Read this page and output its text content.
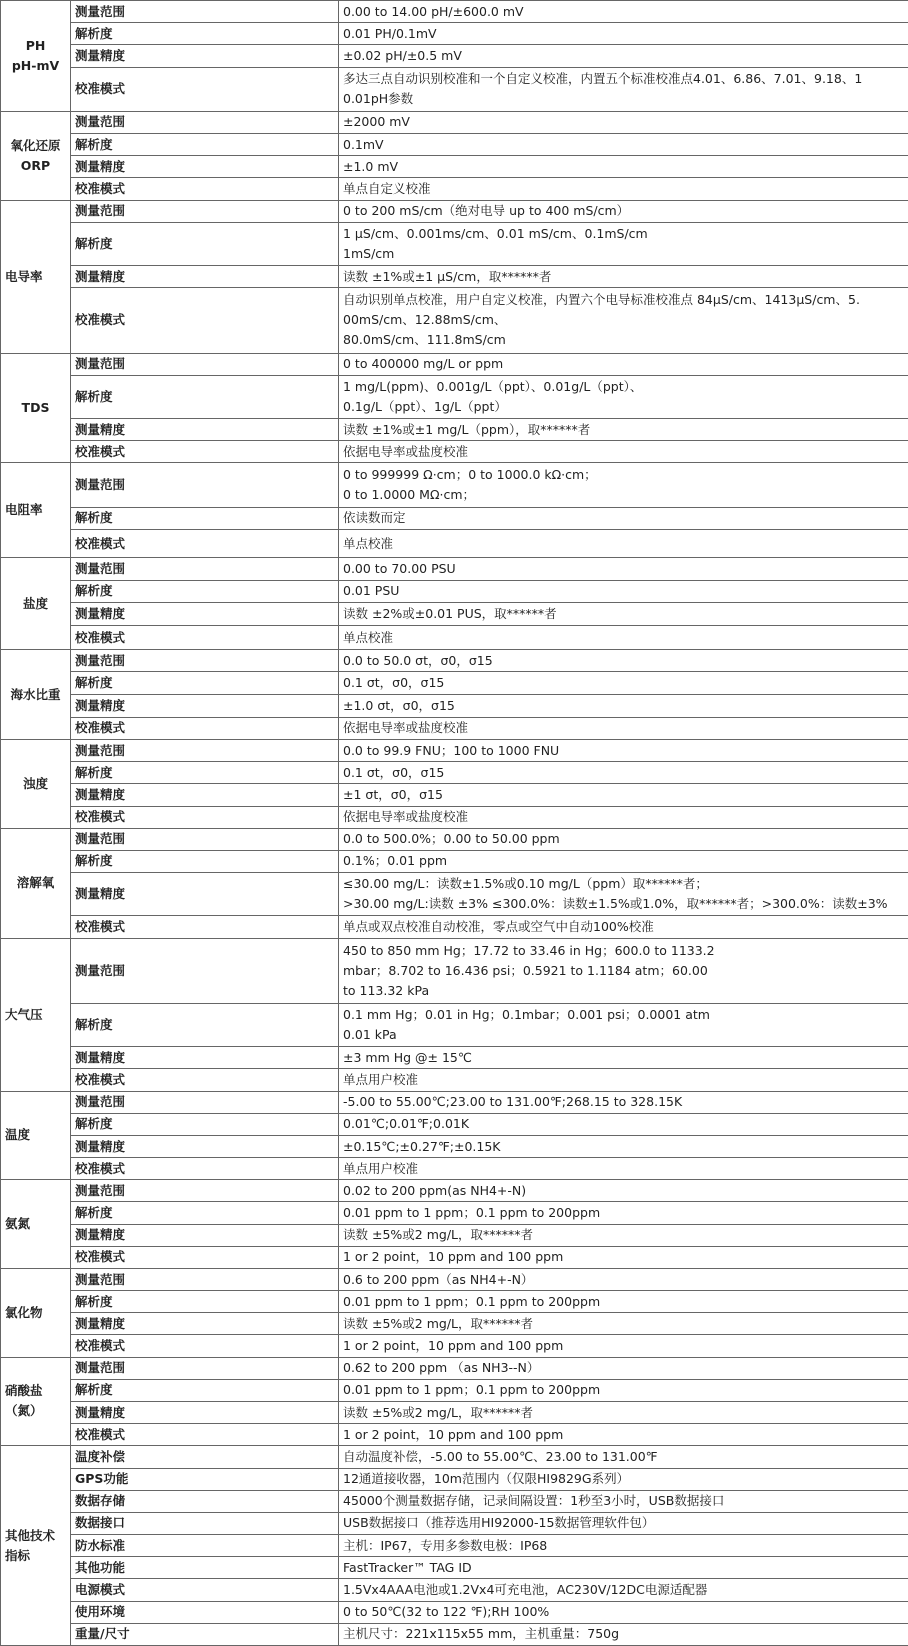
PH
pH-mV	测量范围	0.00 to 14.00 pH/±600.0 mV

	解析度	0.01 PH/0.1mV

	测量精度	±0.02 pH/±0.5 mV

	校准模式	多达三点自动识别校准和一个自定义校准，内置五个标准校准点4.01、6.86、7.01、9.18、1
0.01pH参数

氧化还原
ORP	测量范围	±2000 mV

	解析度	0.1mV

	测量精度	±1.0 mV

	校准模式	单点自定义校准

电导率	测量范围	0 to 200 mS/cm（绝对电导 up to 400 mS/cm）

	解析度	1 μS/cm、0.001ms/cm、0.01 mS/cm、0.1mS/cm
1mS/cm

	测量精度	读数 ±1%或±1 μS/cm，取******者

	校准模式	自动识别单点校准，用户自定义校准，内置六个电导标准校准点 84μS/cm、1413μS/cm、5.
00mS/cm、12.88mS/cm、
80.0mS/cm、111.8mS/cm

TDS	测量范围	0 to 400000 mg/L or ppm

	解析度	1 mg/L(ppm)、0.001g/L（ppt）、0.01g/L（ppt）、
0.1g/L（ppt）、1g/L（ppt）

	测量精度	读数 ±1%或±1 mg/L（ppm），取******者

	校准模式	依据电导率或盐度校准

电阻率	测量范围	0 to 999999 Ω·cm；0 to 1000.0 kΩ·cm；
0 to 1.0000 MΩ·cm；

	解析度	依读数而定

	校准模式	单点校准

盐度	测量范围	0.00 to 70.00 PSU

	解析度	0.01 PSU

	测量精度	读数 ±2%或±0.01 PUS，取******者

	校准模式	单点校准

海水比重	测量范围	0.0 to 50.0 σt，σ0，σ15

	解析度	0.1 σt，σ0，σ15

	测量精度	±1.0 σt，σ0，σ15

	校准模式	依据电导率或盐度校准

浊度	测量范围	0.0 to 99.9 FNU；100 to 1000 FNU

	解析度	0.1 σt，σ0，σ15

	测量精度	±1 σt，σ0，σ15

	校准模式	依据电导率或盐度校准

溶解氧	测量范围	0.0 to 500.0%；0.00 to 50.00 ppm

	解析度	0.1%；0.01 ppm

	测量精度	≤30.00 mg/L：读数±1.5%或0.10 mg/L（ppm）取******者；
>30.00 mg/L:读数 ±3% ≤300.0%：读数±1.5%或1.0%，取******者；>300.0%：读数±3%

	校准模式	单点或双点校准自动校准，零点或空气中自动100%校准

大气压	测量范围	450 to 850 mm Hg；17.72 to 33.46 in Hg；600.0 to 1133.2
mbar；8.702 to 16.436 psi；0.5921 to 1.1184 atm；60.00
to 113.32 kPa

	解析度	0.1 mm Hg；0.01 in Hg；0.1mbar；0.001 psi；0.0001 atm
0.01 kPa

	测量精度	±3 mm Hg @± 15℃

	校准模式	单点用户校准

温度	测量范围	-5.00 to 55.00℃;23.00 to 131.00℉;268.15 to 328.15K

	解析度	0.01℃;0.01℉;0.01K

	测量精度	±0.15℃;±0.27℉;±0.15K

	校准模式	单点用户校准

氨氮	测量范围	0.02 to 200 ppm(as NH4+-N)

	解析度	0.01 ppm to 1 ppm；0.1 ppm to 200ppm

	测量精度	读数 ±5%或2 mg/L，取******者

	校准模式	1 or 2 point，10 ppm and 100 ppm

氯化物	测量范围	0.6 to 200 ppm（as NH4+-N）

	解析度	0.01 ppm to 1 ppm；0.1 ppm to 200ppm

	测量精度	读数 ±5%或2 mg/L，取******者

	校准模式	1 or 2 point，10 ppm and 100 ppm

硝酸盐
（氮）	测量范围	0.62 to 200 ppm （as NH3--N）

	解析度	0.01 ppm to 1 ppm；0.1 ppm to 200ppm

	测量精度	读数 ±5%或2 mg/L，取******者

	校准模式	1 or 2 point，10 ppm and 100 ppm

其他技术
指标	温度补偿	自动温度补偿，-5.00 to 55.00℃、23.00 to 131.00℉

	GPS功能	12通道接收器，10m范围内（仅限HI9829G系列）

	数据存储	45000个测量数据存储，记录间隔设置：1秒至3小时，USB数据接口

	数据接口	USB数据接口（推荐选用HI92000-15数据管理软件包）

	防水标准	主机：IP67，专用多参数电极：IP68

	其他功能	FastTracker™ TAG ID

	电源模式	1.5Vx4AAA电池或1.2Vx4可充电池，AC230V/12DC电源适配器

	使用环境	0 to 50℃(32 to 122 ℉);RH 100%

	重量/尺寸	主机尺寸：221x115x55 mm，主机重量：750g
